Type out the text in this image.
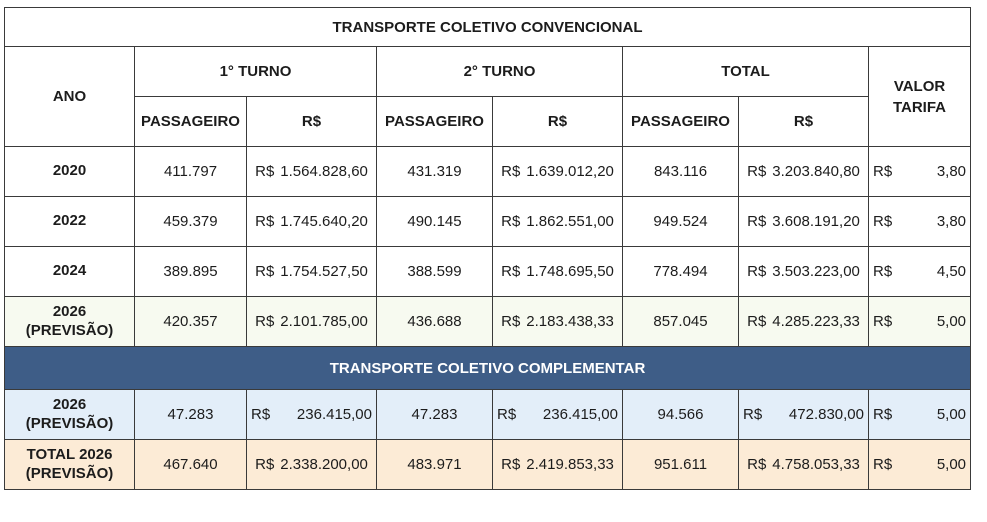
TRANSPORTE COLETIVO CONVENCIONAL							
ANO	1° TURNO		2° TURNO		TOTAL		VALOR TARIFA
	PASSAGEIRO	R$	PASSAGEIRO	R$	PASSAGEIRO	R$	
2020	411.797	R$ 1.564.828,60	431.319	R$ 1.639.012,20	843.116	R$ 3.203.840,80	R$ 3,80

2022	459.379	R$ 1.745.640,20	490.145	R$ 1.862.551,00	949.524	R$ 3.608.191,20	R$ 3,80

2024	389.895	R$ 1.754.527,50	388.599	R$ 1.748.695,50	778.494	R$ 3.503.223,00	R$ 4,50

2026
(PREVISÃO)	420.357	R$ 2.101.785,00	436.688	R$ 2.183.438,33	857.045	R$ 4.285.223,33	R$ 5,00

TRANSPORTE COLETIVO COMPLEMENTAR							
2026
(PREVISÃO)	47.283	R$ 236.415,00	47.283	R$ 236.415,00	94.566	R$ 472.830,00	R$ 5,00

TOTAL 2026
(PREVISÃO)	467.640	R$ 2.338.200,00	483.971	R$ 2.419.853,33	951.611	R$ 4.758.053,33	R$ 5,00
